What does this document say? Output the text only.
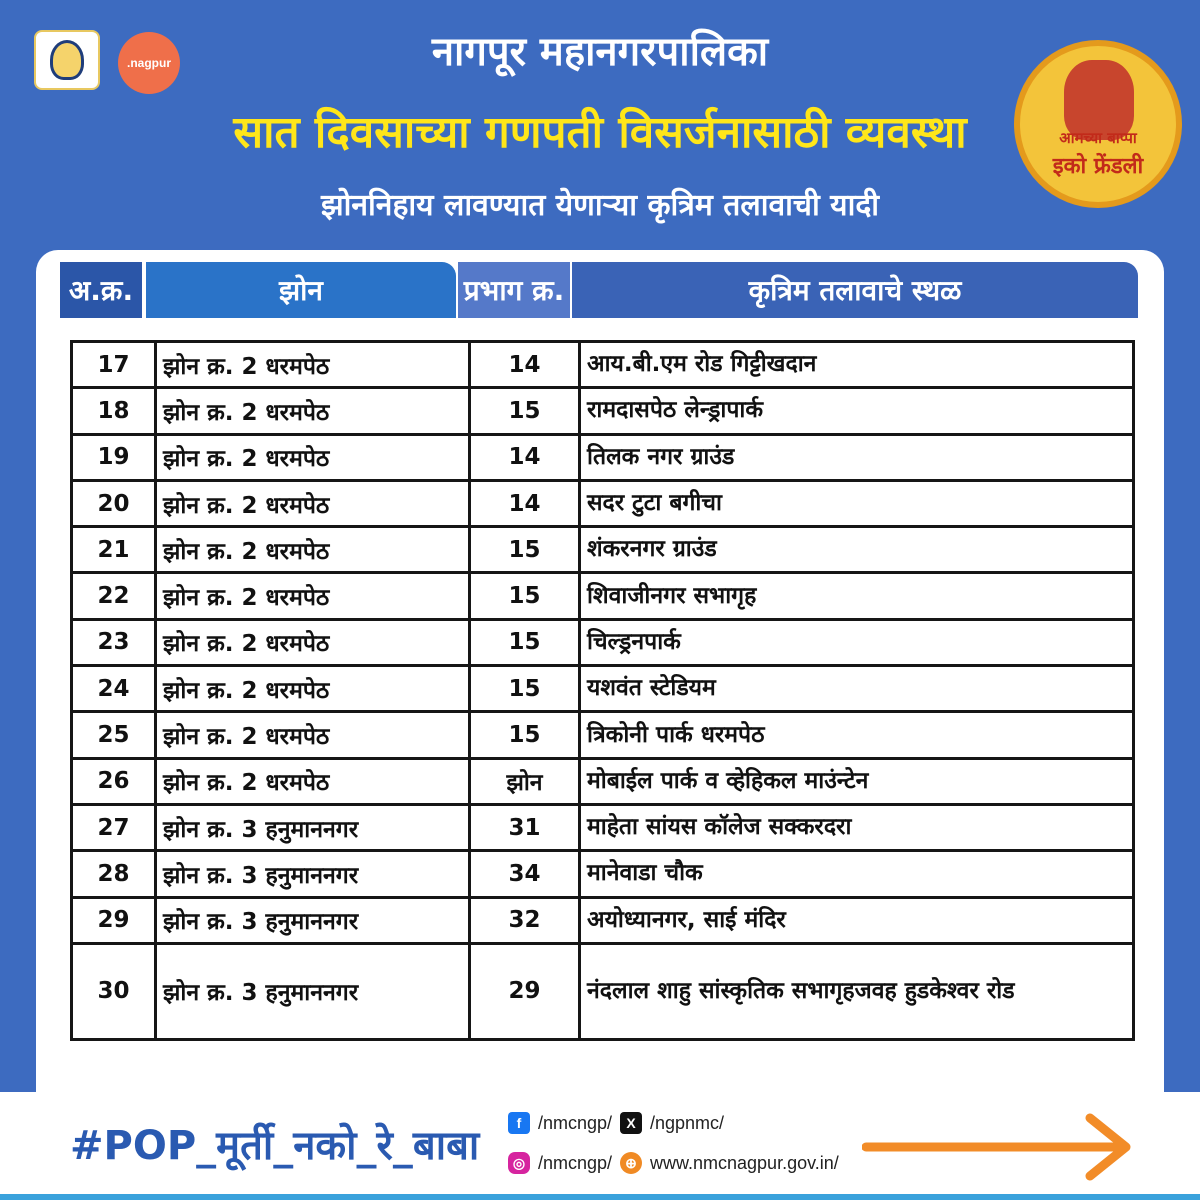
.nagpur	नागपूर महानगरपालिका
सात दिवसाच्या गणपती विसर्जनासाठी व्यवस्था
झोननिहाय लावण्यात येणाऱ्या कृत्रिम तलावाची यादी
आमच्या बाप्पा
इको फ्रेंडली
अ.क्र.	झोन	प्रभाग क्र.	कृत्रिम तलावाचे स्थळ
17	झोन क्र. 2 धरमपेठ	14	आय.बी.एम रोड गिट्टीखदान
18	झोन क्र. 2 धरमपेठ	15	रामदासपेठ लेन्ड्रापार्क
19	झोन क्र. 2 धरमपेठ	14	तिलक नगर ग्राउंड
20	झोन क्र. 2 धरमपेठ	14	सदर टुटा बगीचा
21	झोन क्र. 2 धरमपेठ	15	शंकरनगर ग्राउंड
22	झोन क्र. 2 धरमपेठ	15	शिवाजीनगर सभागृह
23	झोन क्र. 2 धरमपेठ	15	चिल्ड्रनपार्क
24	झोन क्र. 2 धरमपेठ	15	यशवंत स्टेडियम
25	झोन क्र. 2 धरमपेठ	15	त्रिकोनी पार्क धरमपेठ
26	झोन क्र. 2 धरमपेठ	झोन	मोबाईल पार्क व व्हेहिकल माउंन्टेन
27	झोन क्र. 3 हनुमाननगर	31	माहेता सांयस कॉलेज सक्करदरा
28	झोन क्र. 3 हनुमाननगर	34	मानेवाडा चौक
29	झोन क्र. 3 हनुमाननगर	32	अयोध्यानगर, साई मंदिर
30	झोन क्र. 3 हनुमाननगर	29	नंदलाल शाहु सांस्कृतिक सभागृहजवह हुडकेश्वर रोड
#POP_मूर्ती_नको_रे_बाबा	f /nmcngp/	X /ngpnmc/
◎ /nmcngp/ ⊕ www.nmcnagpur.gov.in/
